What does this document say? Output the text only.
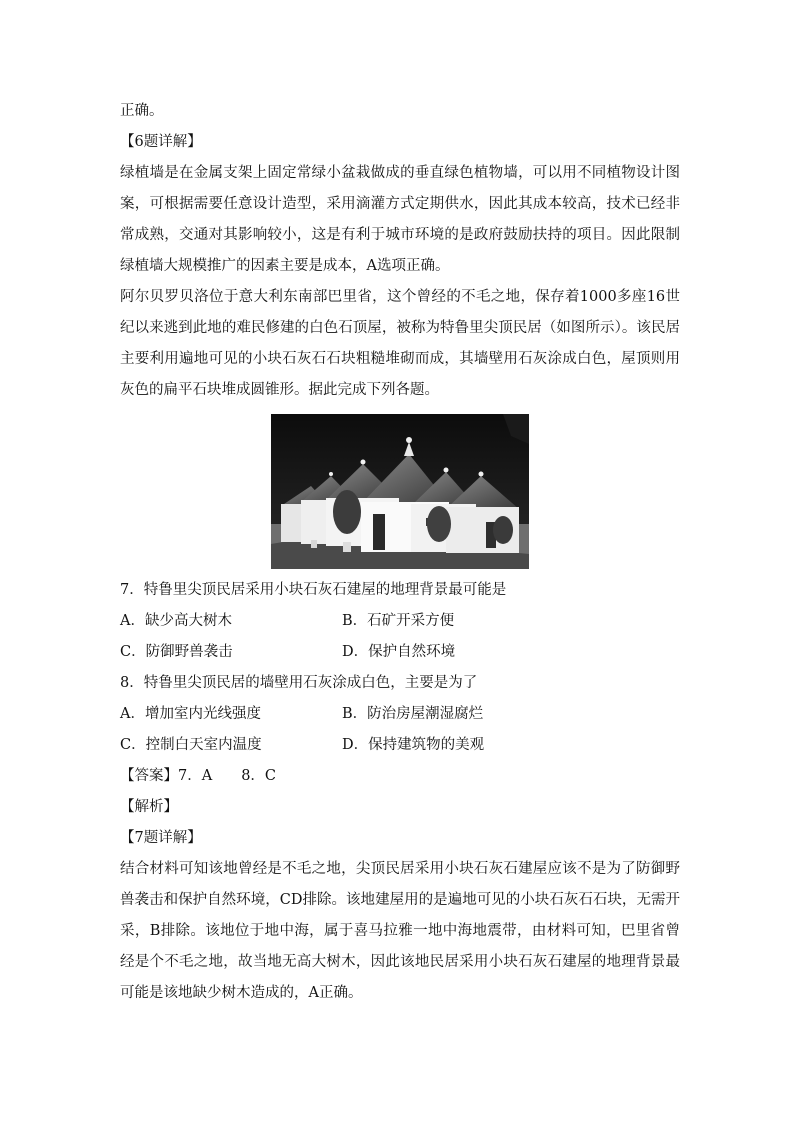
正确。

【6题详解】

绿植墙是在金属支架上固定常绿小盆栽做成的垂直绿色植物墙，可以用不同植物设计图案，可根据需要任意设计造型，采用滴灌方式定期供水，因此其成本较高，技术已经非常成熟，交通对其影响较小，这是有利于城市环境的是政府鼓励扶持的项目。因此限制绿植墙大规模推广的因素主要是成本，A选项正确。

阿尔贝罗贝洛位于意大利东南部巴里省，这个曾经的不毛之地，保存着1000多座16世纪以来逃到此地的难民修建的白色石顶屋，被称为特鲁里尖顶民居（如图所示）。该民居主要利用遍地可见的小块石灰石石块粗糙堆砌而成，其墙壁用石灰涂成白色，屋顶则用灰色的扁平石块堆成圆锥形。据此完成下列各题。

7．特鲁里尖顶民居采用小块石灰石建屋的地理背景最可能是

A．缺少高大树木	B．石矿开采方便
C．防御野兽袭击	D．保护自然环境

8．特鲁里尖顶民居的墙壁用石灰涂成白色，主要是为了

A．增加室内光线强度	B．防治房屋潮湿腐烂
C．控制白天室内温度	D．保持建筑物的美观

【答案】7．A　　8．C

【解析】

【7题详解】

结合材料可知该地曾经是不毛之地，尖顶民居采用小块石灰石建屋应该不是为了防御野兽袭击和保护自然环境，CD排除。该地建屋用的是遍地可见的小块石灰石石块，无需开采，B排除。该地位于地中海，属于喜马拉雅一地中海地震带，由材料可知，巴里省曾经是个不毛之地，故当地无高大树木，因此该地民居采用小块石灰石建屋的地理背景最可能是该地缺少树木造成的，A正确。
